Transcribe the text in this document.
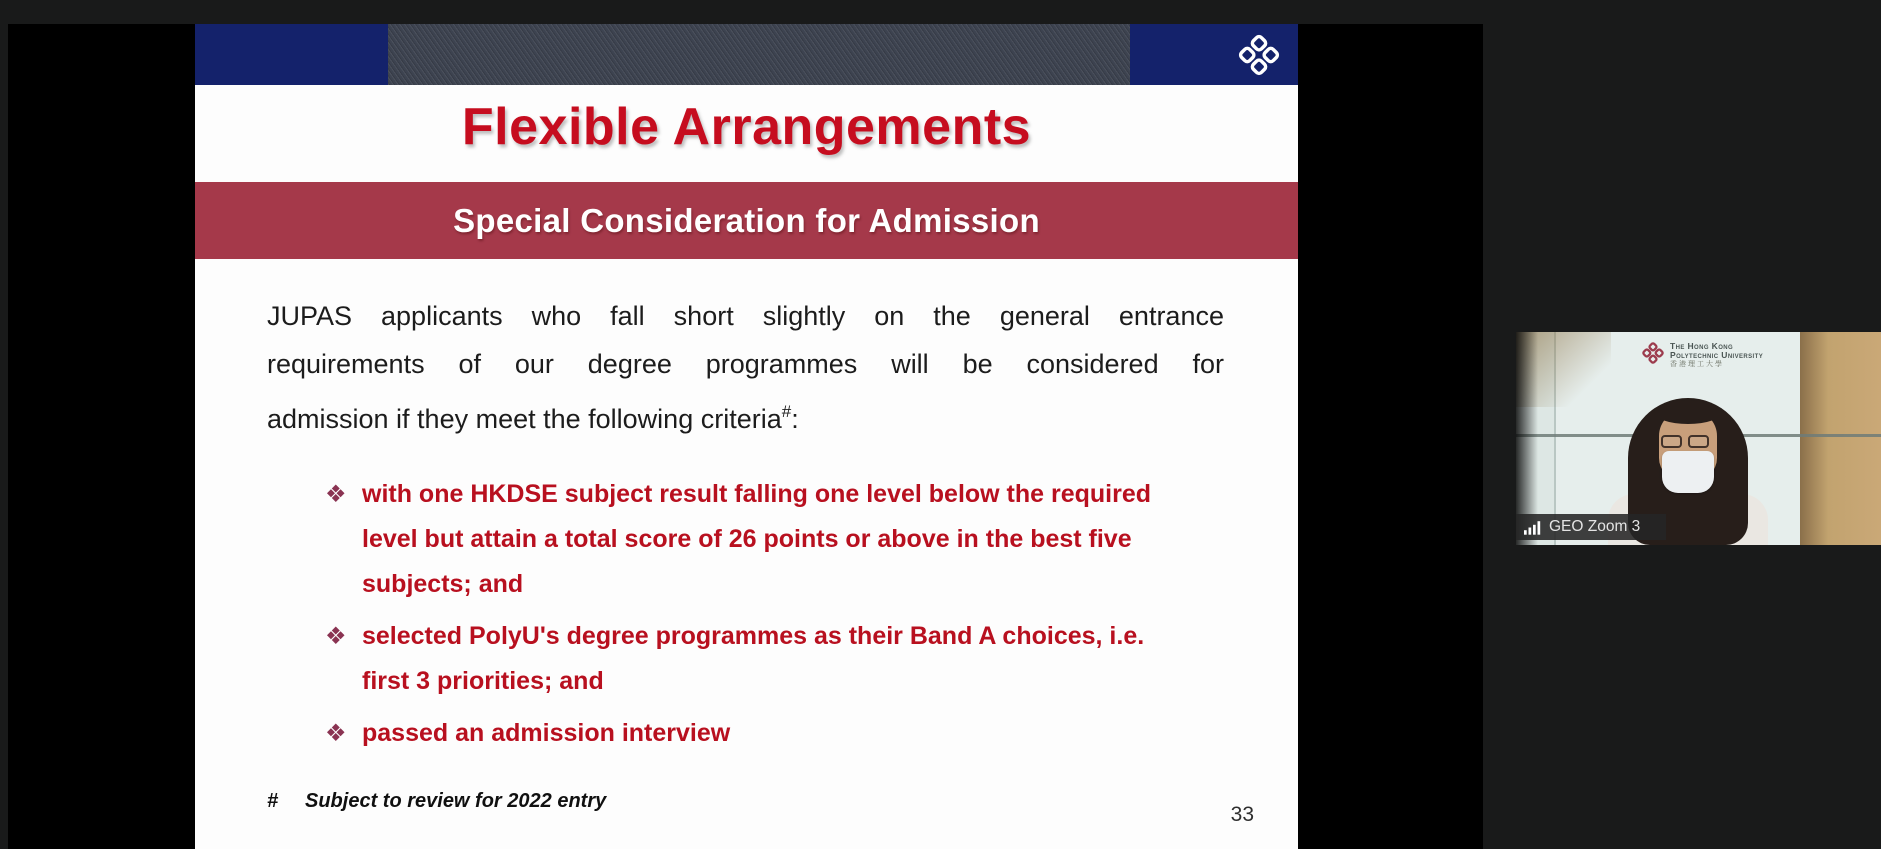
Flexible Arrangements
Special Consideration for Admission
JUPAS applicants who fall short slightly on the general entrance
requirements of our degree programmes will be considered for
admission if they meet the following criteria#:
❖ with one HKDSE subject result falling one level below the required
level but attain a total score of 26 points or above in the best five
subjects; and
❖ selected PolyU's degree programmes as their Band A choices, i.e.
first 3 priorities; and
❖ passed an admission interview
#	Subject to review for 2022 entry
33
The Hong Kong
Polytechnic University
香港理工大學
GEO Zoom 3
